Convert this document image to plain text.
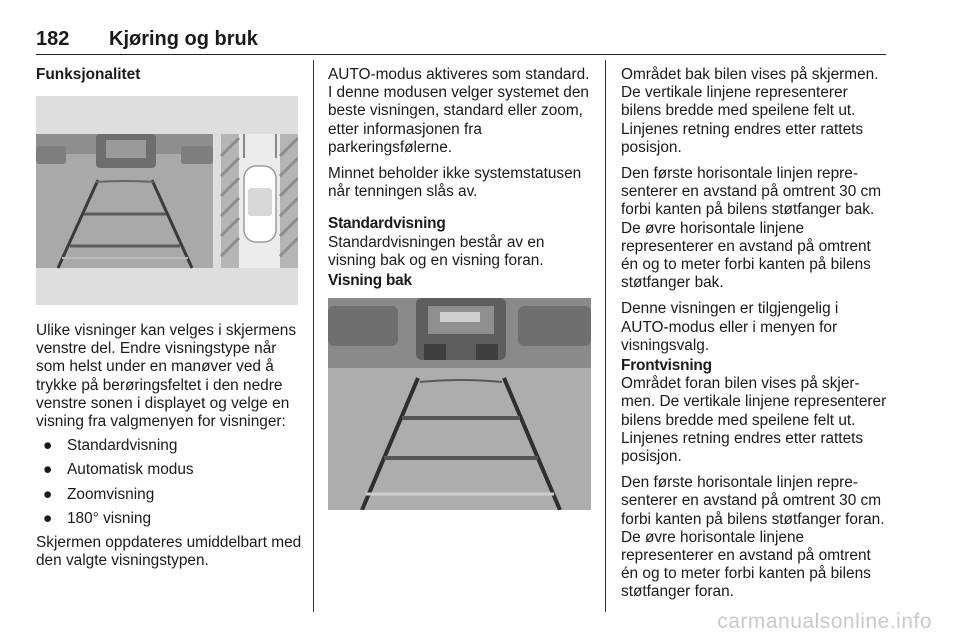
182 Kjøring og bruk
Funksjonalitet

Ulike visninger kan velges i skjermens venstre del. Endre visningstype når som helst under en manøver ved å trykke på berøringsfeltet i den nedre venstre sonen i displayet og velge en visning fra valgmenyen for visninger:

● Standardvisning
● Automatisk modus
● Zoomvisning
● 180° visning

Skjermen oppdateres umiddelbart med den valgte visningstypen.

AUTO-modus aktiveres som standard. I denne modusen velger systemet den beste visningen, standard eller zoom, etter informasjonen fra parkeringsfølerne.

Minnet beholder ikke systemstatusen når tenningen slås av.

Standardvisning

Standardvisningen består av en visning bak og en visning foran.

Visning bak

Området bak bilen vises på skjermen. De vertikale linjene representerer bilens bredde med speilene felt ut. Linjenes retning endres etter rattets posisjon.

Den første horisontale linjen representerer en avstand på omtrent 30 cm forbi kanten på bilens støtfanger bak. De øvre horisontale linjene representerer en avstand på omtrent én og to meter forbi kanten på bilens støtfanger bak.

Denne visningen er tilgjengelig i AUTO-modus eller i menyen for visningsvalg.

Frontvisning

Området foran bilen vises på skjermen. De vertikale linjene representerer bilens bredde med speilene felt ut. Linjenes retning endres etter rattets posisjon.

Den første horisontale linjen representerer en avstand på omtrent 30 cm forbi kanten på bilens støtfanger foran. De øvre horisontale linjene representerer en avstand på omtrent én og to meter forbi kanten på bilens støtfanger foran.

carmanualsonline.info
